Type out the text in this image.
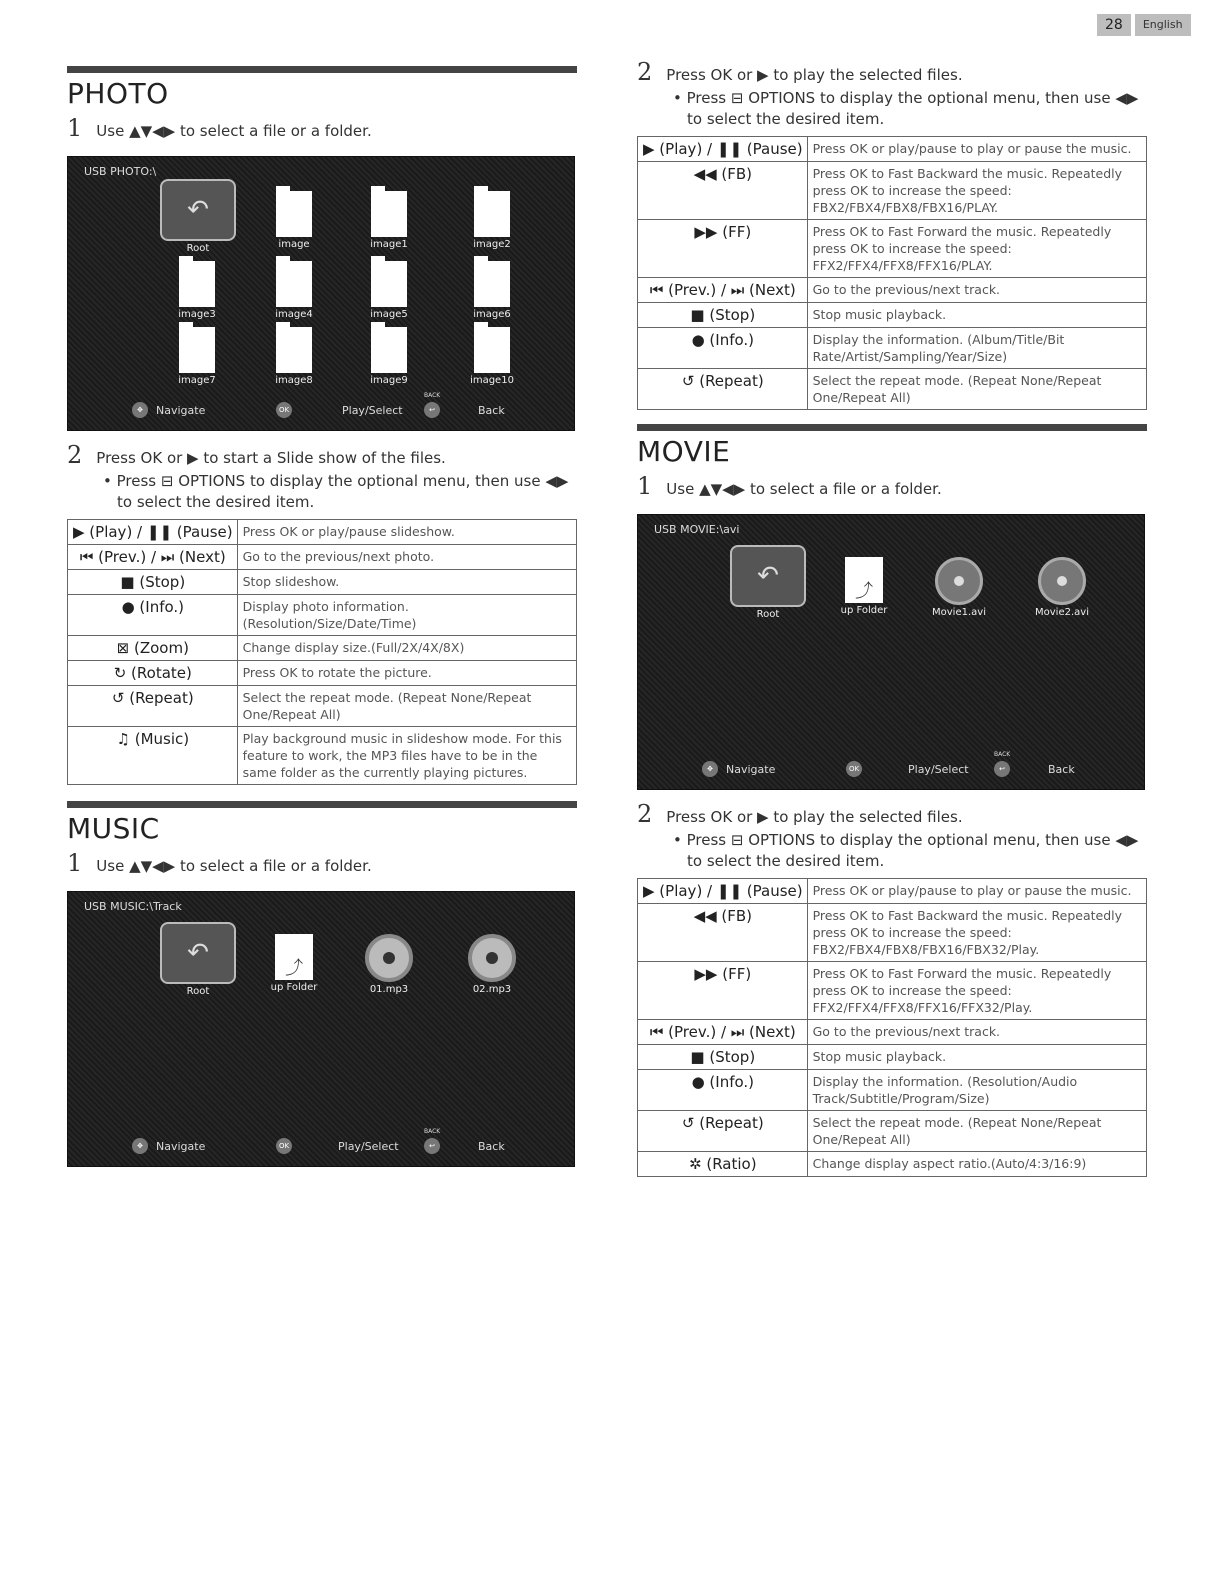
28	English
PHOTO
1 Use ▲▼◀▶ to select a file or a folder.
USB PHOTO:\
↶
Root	image	image1	image2
image3	image4	image5	image6
image7	image8	image9	image10
✥	Navigate	OK	Play/Select
BACK
↩	Back
2 Press OK or ▶ to start a Slide show of the files.
• Press ⊟ OPTIONS to display the optional menu, then use ◀▶ to select the desired item.
▶ (Play) / ❚❚ (Pause)	Press OK or play/pause slideshow.
⏮ (Prev.) / ⏭ (Next)	Go to the previous/next photo.
■ (Stop)	Stop slideshow.
● (Info.)	Display photo information. (Resolution/Size/Date/Time)
⊠ (Zoom)	Change display size.(Full/2X/4X/8X)
↻ (Rotate)	Press OK to rotate the picture.
↺ (Repeat)	Select the repeat mode. (Repeat None/Repeat One/Repeat All)
♫ (Music)	Play background music in slideshow mode. For this feature to work, the MP3 files have to be in the same folder as the currently playing pictures.
MUSIC
1 Use ▲▼◀▶ to select a file or a folder.
USB MUSIC:\Track
↶
Root
⤴
up Folder	01.mp3	02.mp3
✥	Navigate	OK	Play/Select
BACK
↩	Back
2 Press OK or ▶ to play the selected files.
• Press ⊟ OPTIONS to display the optional menu, then use ◀▶ to select the desired item.
▶ (Play) / ❚❚ (Pause)	Press OK or play/pause to play or pause the music.
◀◀ (FB)	Press OK to Fast Backward the music. Repeatedly press OK to increase the speed: FBX2/FBX4/FBX8/FBX16/PLAY.
▶▶ (FF)	Press OK to Fast Forward the music. Repeatedly press OK to increase the speed: FFX2/FFX4/FFX8/FFX16/PLAY.
⏮ (Prev.) / ⏭ (Next)	Go to the previous/next track.
■ (Stop)	Stop music playback.
● (Info.)	Display the information. (Album/Title/Bit Rate/Artist/Sampling/Year/Size)
↺ (Repeat)	Select the repeat mode. (Repeat None/Repeat One/Repeat All)
MOVIE
1 Use ▲▼◀▶ to select a file or a folder.
USB MOVIE:\avi
↶
Root
⤴
up Folder	Movie1.avi	Movie2.avi
✥	Navigate	OK	Play/Select
BACK
↩	Back
2 Press OK or ▶ to play the selected files.
• Press ⊟ OPTIONS to display the optional menu, then use ◀▶ to select the desired item.
▶ (Play) / ❚❚ (Pause)	Press OK or play/pause to play or pause the music.
◀◀ (FB)	Press OK to Fast Backward the music. Repeatedly press OK to increase the speed: FBX2/FBX4/FBX8/FBX16/FBX32/Play.
▶▶ (FF)	Press OK to Fast Forward the music. Repeatedly press OK to increase the speed: FFX2/FFX4/FFX8/FFX16/FFX32/Play.
⏮ (Prev.) / ⏭ (Next)	Go to the previous/next track.
■ (Stop)	Stop music playback.
● (Info.)	Display the information. (Resolution/Audio Track/Subtitle/Program/Size)
↺ (Repeat)	Select the repeat mode. (Repeat None/Repeat One/Repeat All)
✲ (Ratio)	Change display aspect ratio.(Auto/4:3/16:9)
